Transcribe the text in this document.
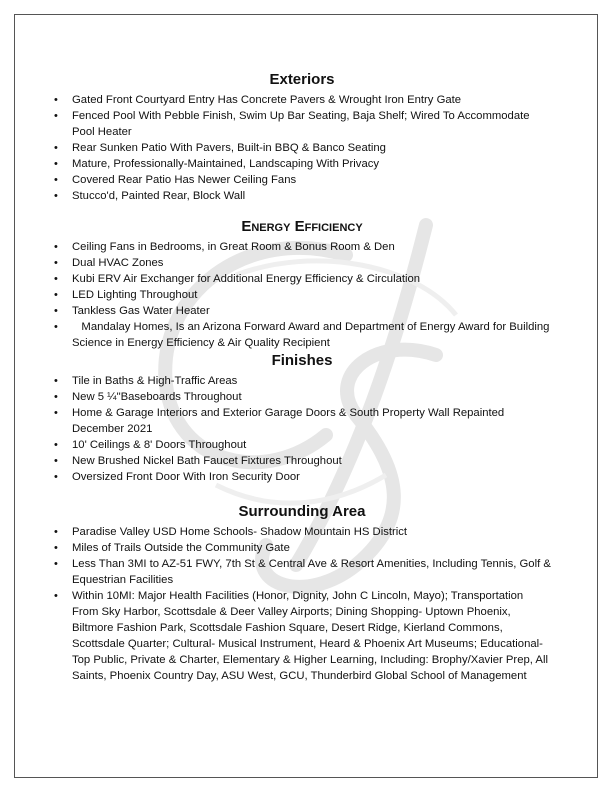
Exteriors
• Gated Front Courtyard Entry Has Concrete Pavers & Wrought Iron Entry Gate
• Fenced Pool With Pebble Finish, Swim Up Bar Seating, Baja Shelf; Wired To Accommodate Pool Heater
• Rear Sunken Patio With Pavers, Built-in BBQ & Banco Seating
• Mature, Professionally-Maintained, Landscaping With Privacy
• Covered Rear Patio Has Newer Ceiling Fans
• Stucco'd, Painted Rear, Block Wall
Energy Efficiency
• Ceiling Fans in Bedrooms, in Great Room & Bonus Room & Den
• Dual HVAC Zones
• Kubi ERV Air Exchanger for Additional Energy Efficiency & Circulation
• LED Lighting Throughout
• Tankless Gas Water Heater
•    Mandalay Homes, Is an Arizona Forward Award and Department of Energy Award for Building Science in Energy Efficiency & Air Quality Recipient
Finishes
• Tile in Baths & High-Traffic Areas
• New 5 ¼"Baseboards Throughout
• Home & Garage Interiors and Exterior Garage Doors & South Property Wall Repainted December 2021
• 10' Ceilings & 8' Doors Throughout
• New Brushed Nickel Bath Faucet Fixtures Throughout
• Oversized Front Door With Iron Security Door
Surrounding Area
• Paradise Valley USD Home Schools- Shadow Mountain HS District
• Miles of Trails Outside the Community Gate
• Less Than 3MI to AZ-51 FWY, 7th St & Central Ave & Resort Amenities, Including Tennis, Golf & Equestrian Facilities
• Within 10MI: Major Health Facilities (Honor, Dignity, John C Lincoln, Mayo); Transportation From Sky Harbor, Scottsdale & Deer Valley Airports; Dining Shopping- Uptown Phoenix, Biltmore Fashion Park, Scottsdale Fashion Square, Desert Ridge, Kierland Commons, Scottsdale Quarter; Cultural- Musical Instrument, Heard & Phoenix Art Museums; Educational- Top Public, Private & Charter, Elementary & Higher Learning, Including: Brophy/Xavier Prep, All Saints, Phoenix Country Day, ASU West, GCU, Thunderbird Global School of Management
